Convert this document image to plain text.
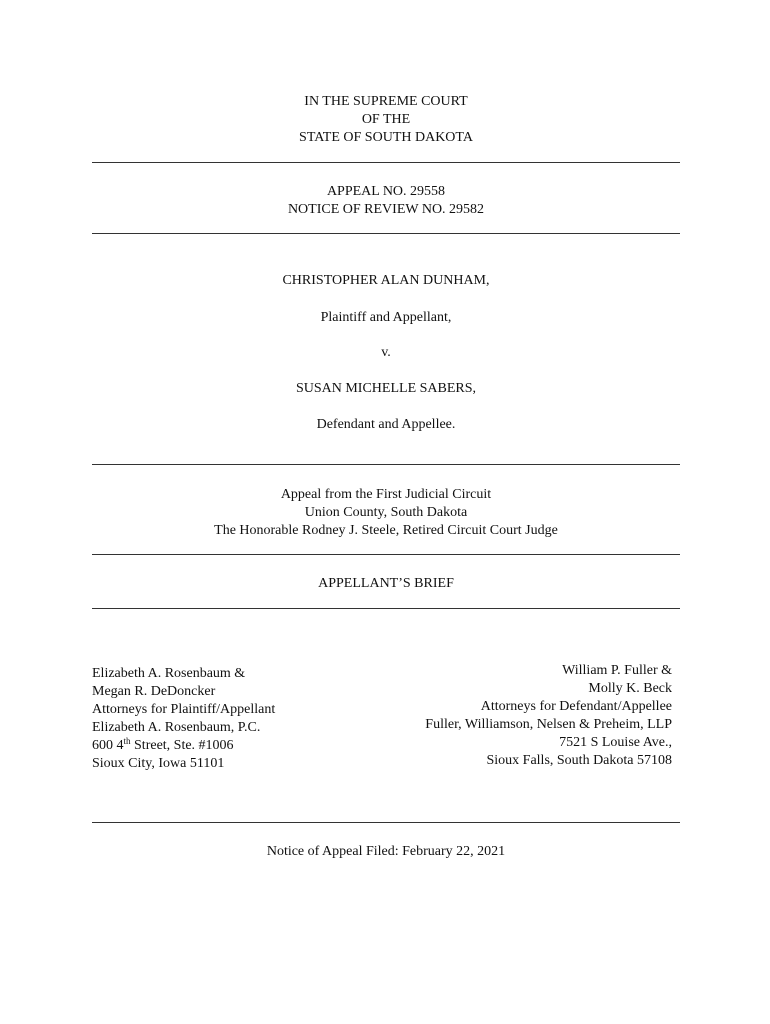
IN THE SUPREME COURT
OF THE
STATE OF SOUTH DAKOTA
APPEAL NO. 29558
NOTICE OF REVIEW NO. 29582
CHRISTOPHER ALAN DUNHAM,
Plaintiff and Appellant,
v.
SUSAN MICHELLE SABERS,
Defendant and Appellee.
Appeal from the First Judicial Circuit
Union County, South Dakota
The Honorable Rodney J. Steele, Retired Circuit Court Judge
APPELLANT’S BRIEF
Elizabeth A. Rosenbaum &
Megan R. DeDoncker
Attorneys for Plaintiff/Appellant
Elizabeth A. Rosenbaum, P.C.
600 4th Street, Ste. #1006
Sioux City, Iowa 51101
William P. Fuller &
Molly K. Beck
Attorneys for Defendant/Appellee
Fuller, Williamson, Nelsen & Preheim, LLP
7521 S Louise Ave.,
Sioux Falls, South Dakota 57108
Notice of Appeal Filed: February 22, 2021
